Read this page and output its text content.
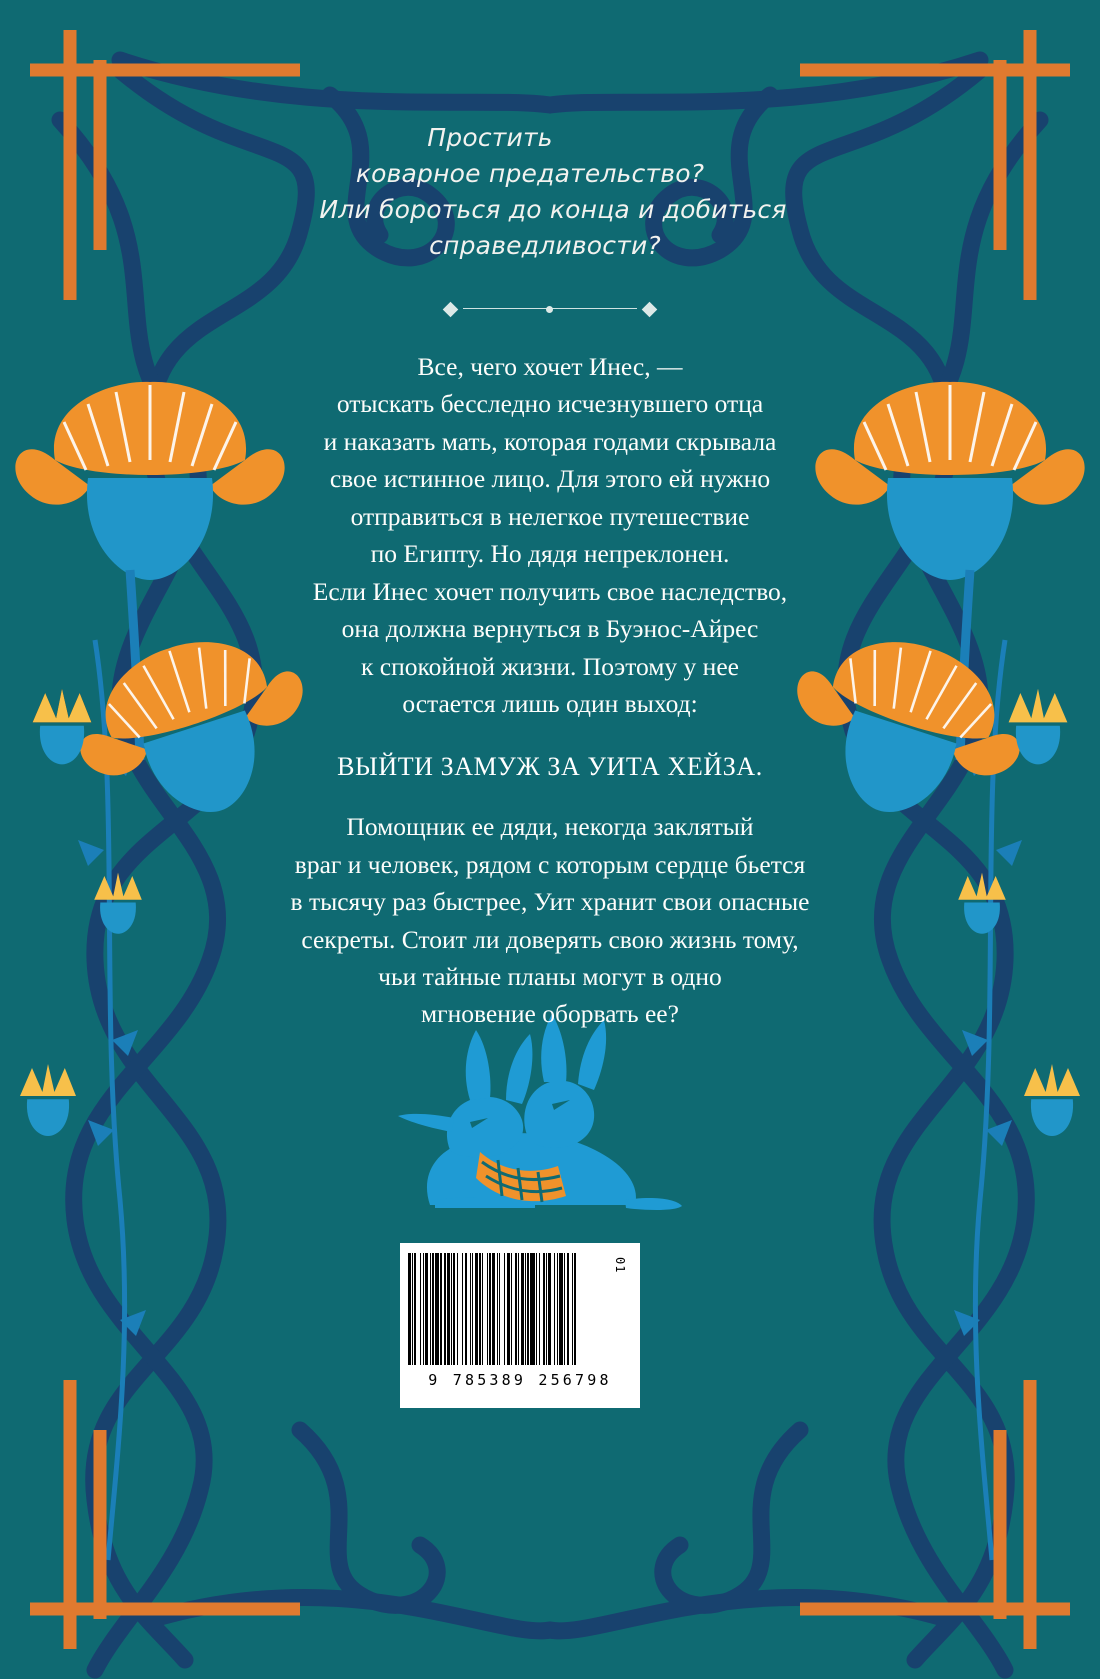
Простить
коварное предательство?
Или бороться до конца и добиться
справедливости?

Все, чего хочет Инес, —

отыскать бесследно исчезнувшего отца

и наказать мать, которая годами скрывала

свое истинное лицо. Для этого ей нужно

отправиться в нелегкое путешествие

по Египту. Но дядя непреклонен.

Если Инес хочет получить свое наследство,

она должна вернуться в Буэнос-Айрес

к спокойной жизни. Поэтому у нее

остается лишь один выход:

ВЫЙТИ ЗАМУЖ ЗА УИТА ХЕЙЗА.

Помощник ее дяди, некогда заклятый

враг и человек, рядом с которым сердце бьется

в тысячу раз быстрее, Уит хранит свои опасные

секреты. Стоит ли доверять свою жизнь тому,

чьи тайные планы могут в одно

мгновение оборвать ее?

9 785389 256798
01
